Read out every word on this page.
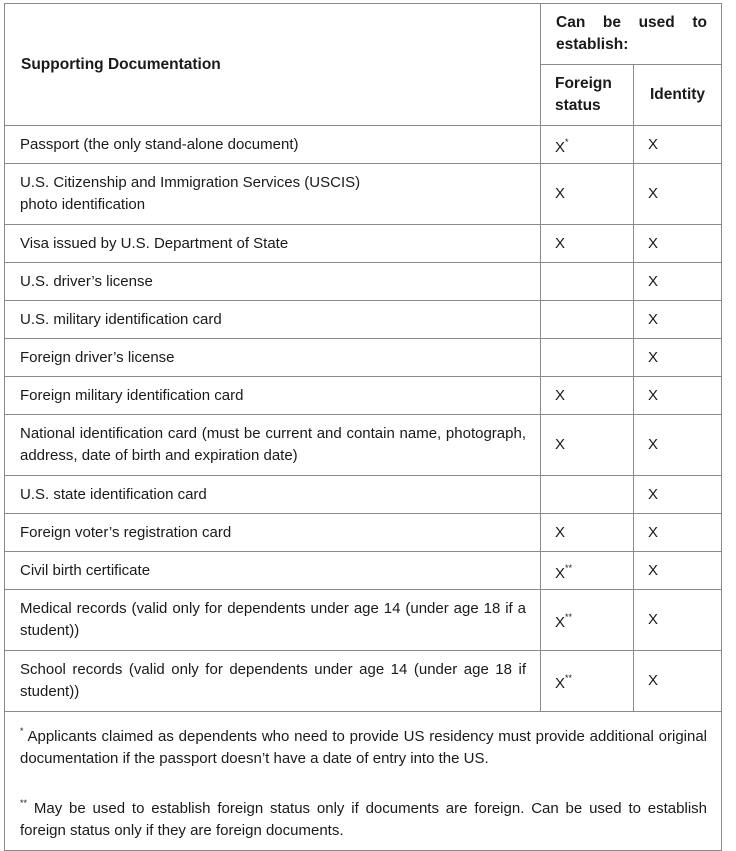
Supporting Documentation	Can be used to establish:	
	Foreign status	Identity
Passport (the only stand-alone document)	X*	X
U.S. Citizenship and Immigration Services (USCIS)
photo identification	X	X
Visa issued by U.S. Department of State	X	X
U.S. driver’s license		X
U.S. military identification card		X
Foreign driver’s license		X
Foreign military identification card	X	X
National identification card (must be current and contain name, photograph, address, date of birth and expiration date)	X	X
U.S. state identification card		X
Foreign voter’s registration card	X	X
Civil birth certificate	X**	X
Medical records (valid only for dependents under age 14 (under age 18 if a student))	X**	X
School records (valid only for dependents under age 14 (under age 18 if student))	X**	X

* Applicants claimed as dependents who need to provide US residency must provide additional original documentation if the passport doesn’t have a date of entry into the US.

** May be used to establish foreign status only if documents are foreign. Can be used to establish foreign status only if they are foreign documents.		
